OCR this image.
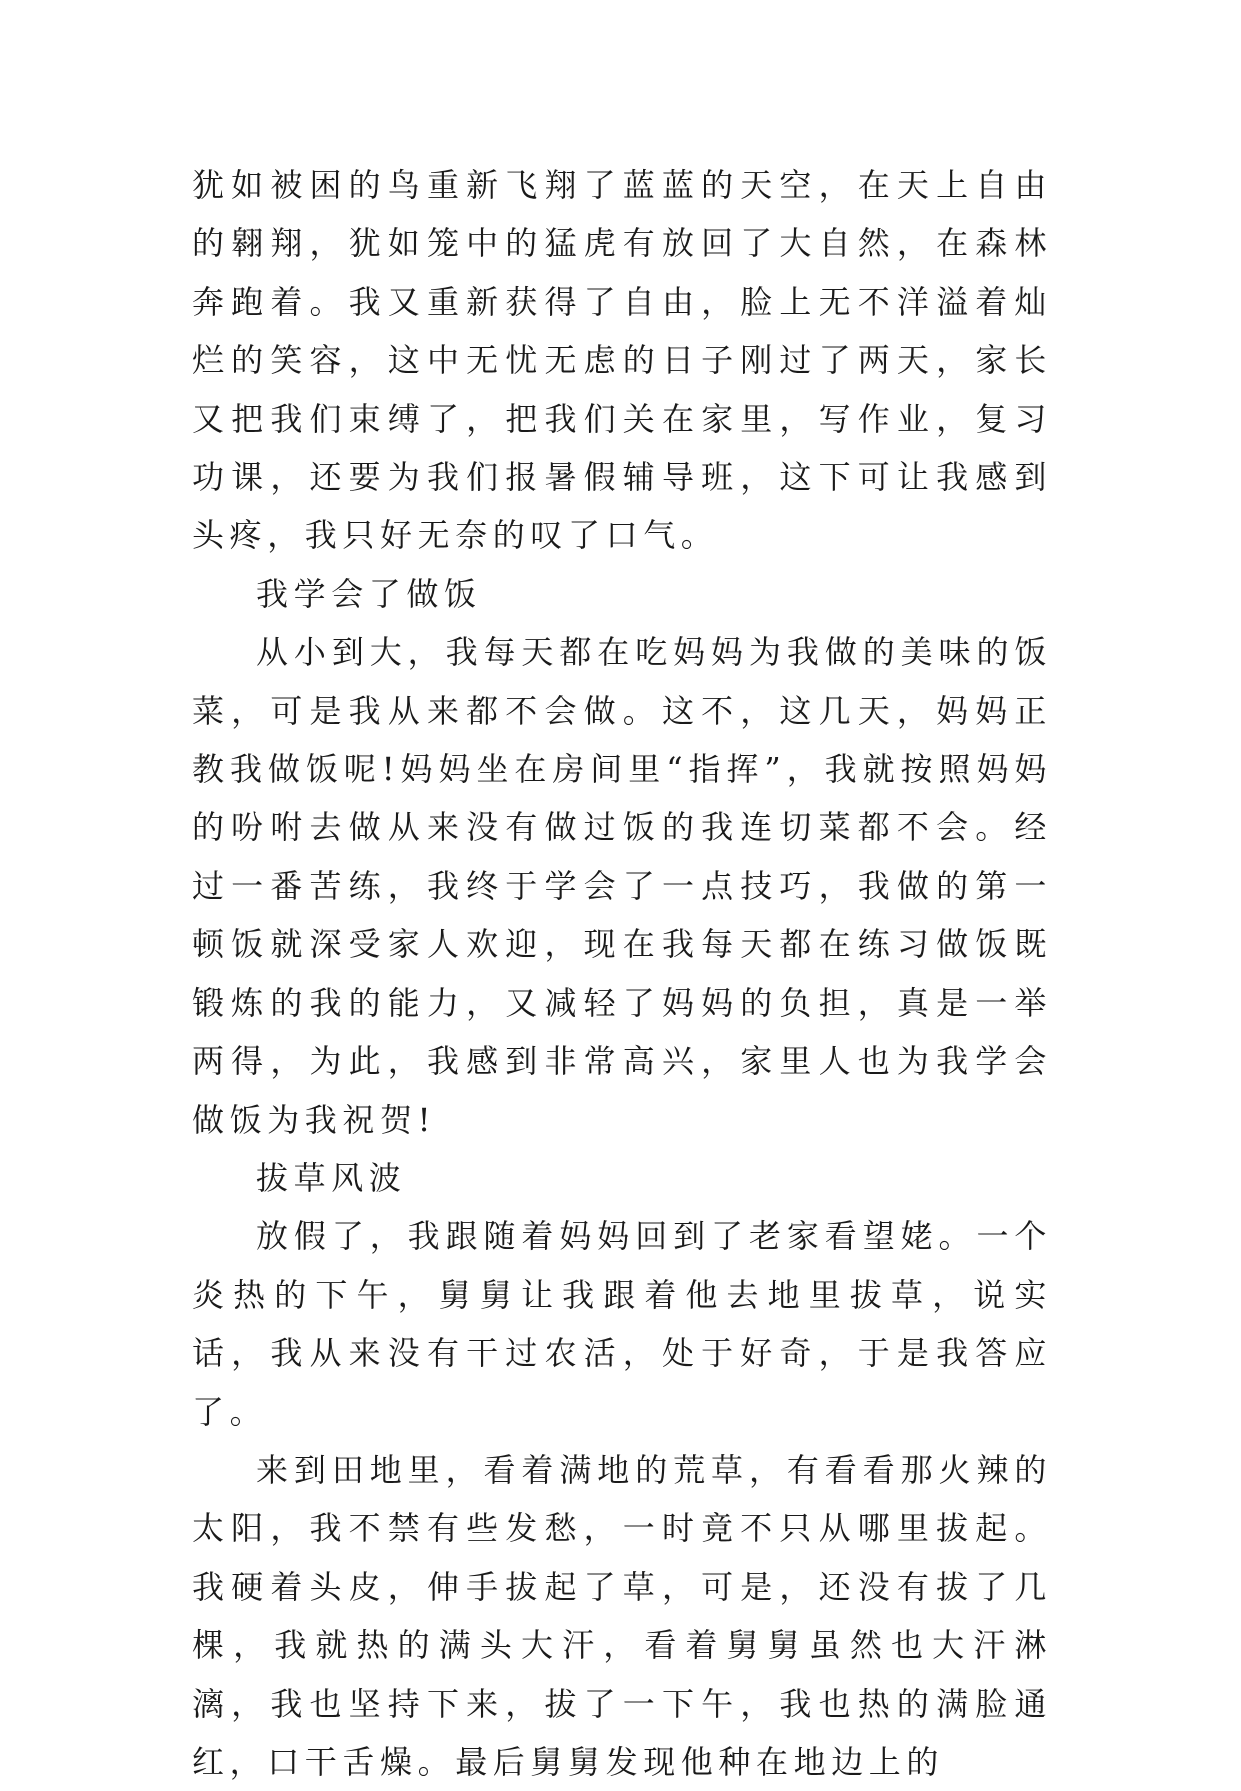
犹如被困的鸟重新飞翔了蓝蓝的天空，在天上自由的翱翔，犹如笼中的猛虎有放回了大自然，在森林奔跑着。我又重新获得了自由，脸上无不洋溢着灿烂的笑容，这中无忧无虑的日子刚过了两天，家长又把我们束缚了，把我们关在家里，写作业，复习功课，还要为我们报暑假辅导班，这下可让我感到头疼，我只好无奈的叹了口气。

我学会了做饭

从小到大，我每天都在吃妈妈为我做的美味的饭菜，可是我从来都不会做。这不，这几天，妈妈正教我做饭呢!妈妈坐在房间里“指挥”，我就按照妈妈的吩咐去做从来没有做过饭的我连切菜都不会。经过一番苦练，我终于学会了一点技巧，我做的第一顿饭就深受家人欢迎，现在我每天都在练习做饭既锻炼的我的能力，又减轻了妈妈的负担，真是一举两得，为此，我感到非常高兴，家里人也为我学会做饭为我祝贺!

拔草风波

放假了，我跟随着妈妈回到了老家看望姥。一个炎热的下午，舅舅让我跟着他去地里拔草，说实话，我从来没有干过农活，处于好奇，于是我答应了。

来到田地里，看着满地的荒草，有看看那火辣的太阳，我不禁有些发愁，一时竟不只从哪里拔起。我硬着头皮，伸手拔起了草，可是，还没有拔了几棵，我就热的满头大汗，看着舅舅虽然也大汗淋漓，我也坚持下来，拔了一下午，我也热的满脸通红，口干舌燥。最后舅舅发现他种在地边上的
